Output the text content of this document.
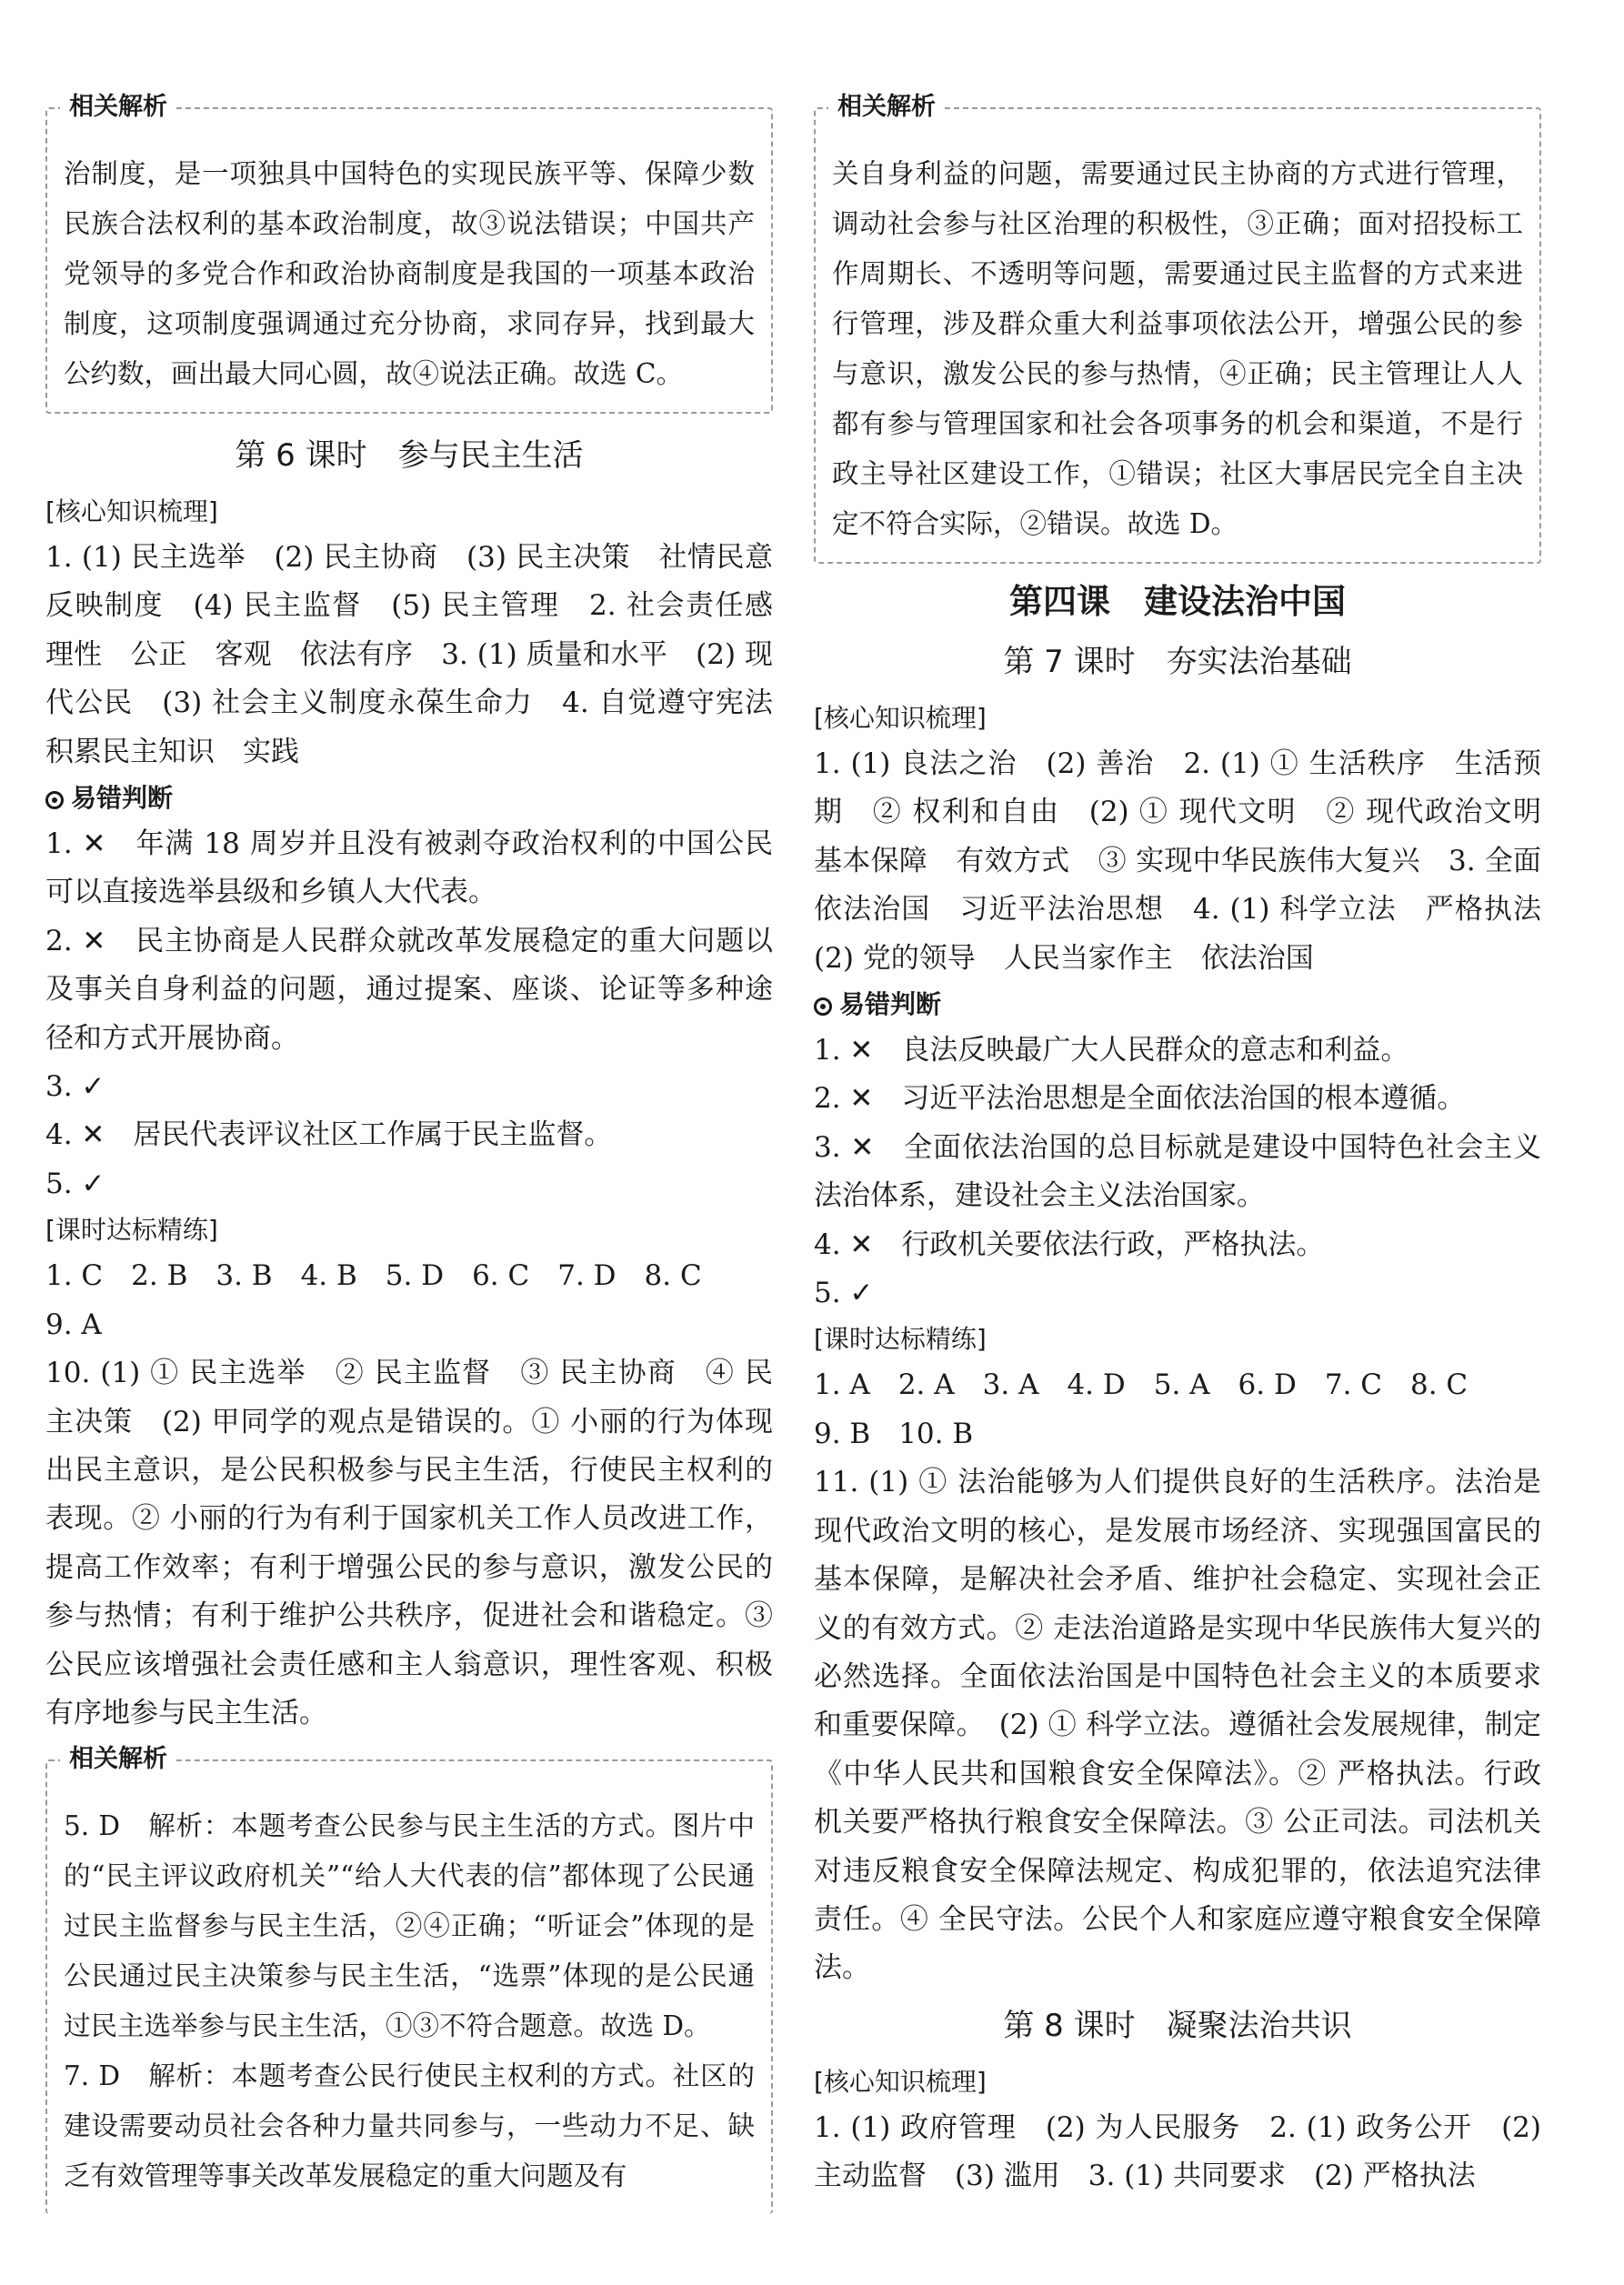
相关解析

治制度，是一项独具中国特色的实现民族平等、保障少数民族合法权利的基本政治制度，故③说法错误；中国共产党领导的多党合作和政治协商制度是我国的一项基本政治制度，这项制度强调通过充分协商，求同存异，找到最大公约数，画出最大同心圆，故④说法正确。故选 C。

第 6 课时　参与民主生活

[核心知识梳理]

1. (1) 民主选举　(2) 民主协商　(3) 民主决策　社情民意反映制度　(4) 民主监督　(5) 民主管理　2. 社会责任感　理性　公正　客观　依法有序　3. (1) 质量和水平　(2) 现代公民　(3) 社会主义制度永葆生命力　4. 自觉遵守宪法　积累民主知识　实践

易错判断

1. ✕　年满 18 周岁并且没有被剥夺政治权利的中国公民可以直接选举县级和乡镇人大代表。

2. ✕　民主协商是人民群众就改革发展稳定的重大问题以及事关自身利益的问题，通过提案、座谈、论证等多种途径和方式开展协商。

3. ✓

4. ✕　居民代表评议社区工作属于民主监督。

5. ✓

[课时达标精练]

1. C　2. B　3. B　4. B　5. D　6. C　7. D　8. C

9. A

10. (1) ① 民主选举　② 民主监督　③ 民主协商　④ 民主决策　(2) 甲同学的观点是错误的。① 小丽的行为体现出民主意识，是公民积极参与民主生活，行使民主权利的表现。② 小丽的行为有利于国家机关工作人员改进工作，提高工作效率；有利于增强公民的参与意识，激发公民的参与热情；有利于维护公共秩序，促进社会和谐稳定。③ 公民应该增强社会责任感和主人翁意识，理性客观、积极有序地参与民主生活。

相关解析

5. D　解析：本题考查公民参与民主生活的方式。图片中的“民主评议政府机关”“给人大代表的信”都体现了公民通过民主监督参与民主生活，②④正确；“听证会”体现的是公民通过民主决策参与民主生活，“选票”体现的是公民通过民主选举参与民主生活，①③不符合题意。故选 D。

7. D　解析：本题考查公民行使民主权利的方式。社区的建设需要动员社会各种力量共同参与，一些动力不足、缺乏有效管理等事关改革发展稳定的重大问题及有

相关解析

关自身利益的问题，需要通过民主协商的方式进行管理，调动社会参与社区治理的积极性，③正确；面对招投标工作周期长、不透明等问题，需要通过民主监督的方式来进行管理，涉及群众重大利益事项依法公开，增强公民的参与意识，激发公民的参与热情，④正确；民主管理让人人都有参与管理国家和社会各项事务的机会和渠道，不是行政主导社区建设工作，①错误；社区大事居民完全自主决定不符合实际，②错误。故选 D。

第四课　建设法治中国
第 7 课时　夯实法治基础

[核心知识梳理]

1. (1) 良法之治　(2) 善治　2. (1) ① 生活秩序　生活预期　② 权利和自由　(2) ① 现代文明　② 现代政治文明　基本保障　有效方式　③ 实现中华民族伟大复兴　3. 全面依法治国　习近平法治思想　4. (1) 科学立法　严格执法　(2) 党的领导　人民当家作主　依法治国

易错判断

1. ✕　良法反映最广大人民群众的意志和利益。

2. ✕　习近平法治思想是全面依法治国的根本遵循。

3. ✕　全面依法治国的总目标就是建设中国特色社会主义法治体系，建设社会主义法治国家。

4. ✕　行政机关要依法行政，严格执法。

5. ✓

[课时达标精练]

1. A　2. A　3. A　4. D　5. A　6. D　7. C　8. C

9. B　10. B

11. (1) ① 法治能够为人们提供良好的生活秩序。法治是现代政治文明的核心，是发展市场经济、实现强国富民的基本保障，是解决社会矛盾、维护社会稳定、实现社会正义的有效方式。② 走法治道路是实现中华民族伟大复兴的必然选择。全面依法治国是中国特色社会主义的本质要求和重要保障。　(2) ① 科学立法。遵循社会发展规律，制定《中华人民共和国粮食安全保障法》。② 严格执法。行政机关要严格执行粮食安全保障法。③ 公正司法。司法机关对违反粮食安全保障法规定、构成犯罪的，依法追究法律责任。④ 全民守法。公民个人和家庭应遵守粮食安全保障法。

第 8 课时　凝聚法治共识

[核心知识梳理]

1. (1) 政府管理　(2) 为人民服务　2. (1) 政务公开　(2) 主动监督　(3) 滥用　3. (1) 共同要求　(2) 严格执法
